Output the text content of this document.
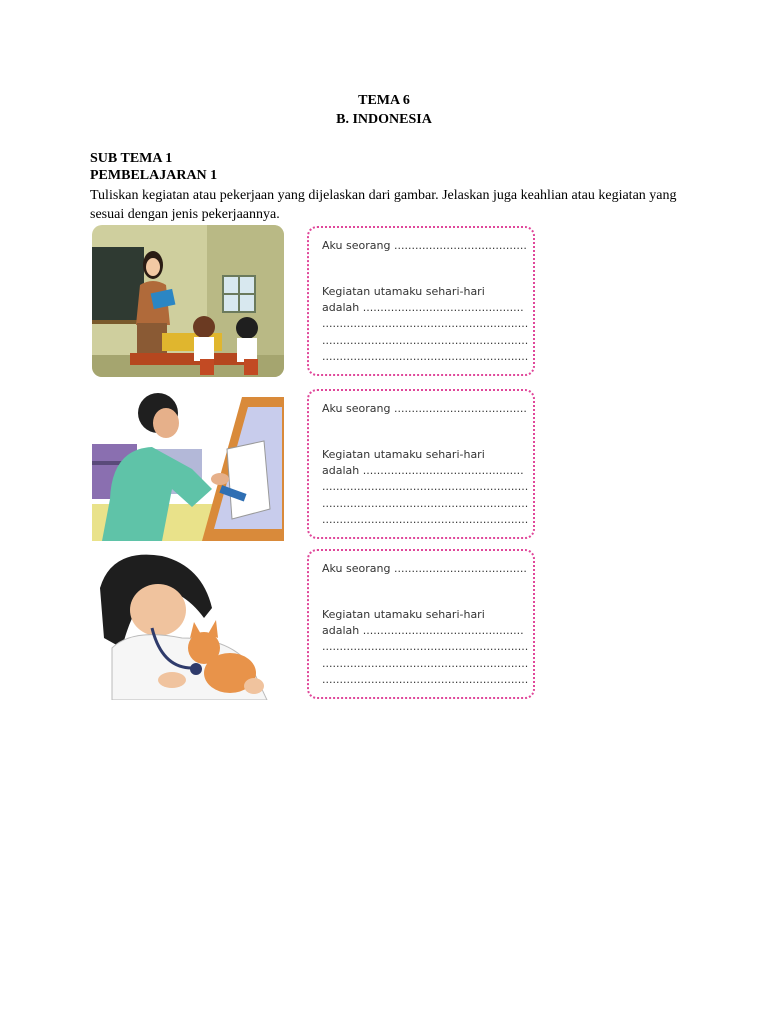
TEMA 6
B. INDONESIA
SUB TEMA 1
PEMBELAJARAN 1
Tuliskan kegiatan atau pekerjaan yang dijelaskan dari gambar. Jelaskan juga keahlian atau kegiatan yang sesuai dengan jenis pekerjaannya.
Aku seorang ......................................
Kegiatan utamaku sehari-hari
adalah ..............................................
...........................................................
...........................................................
...........................................................
Aku seorang ......................................
Kegiatan utamaku sehari-hari
adalah ..............................................
...........................................................
...........................................................
...........................................................
Aku seorang ......................................
Kegiatan utamaku sehari-hari
adalah ..............................................
...........................................................
...........................................................
...........................................................
